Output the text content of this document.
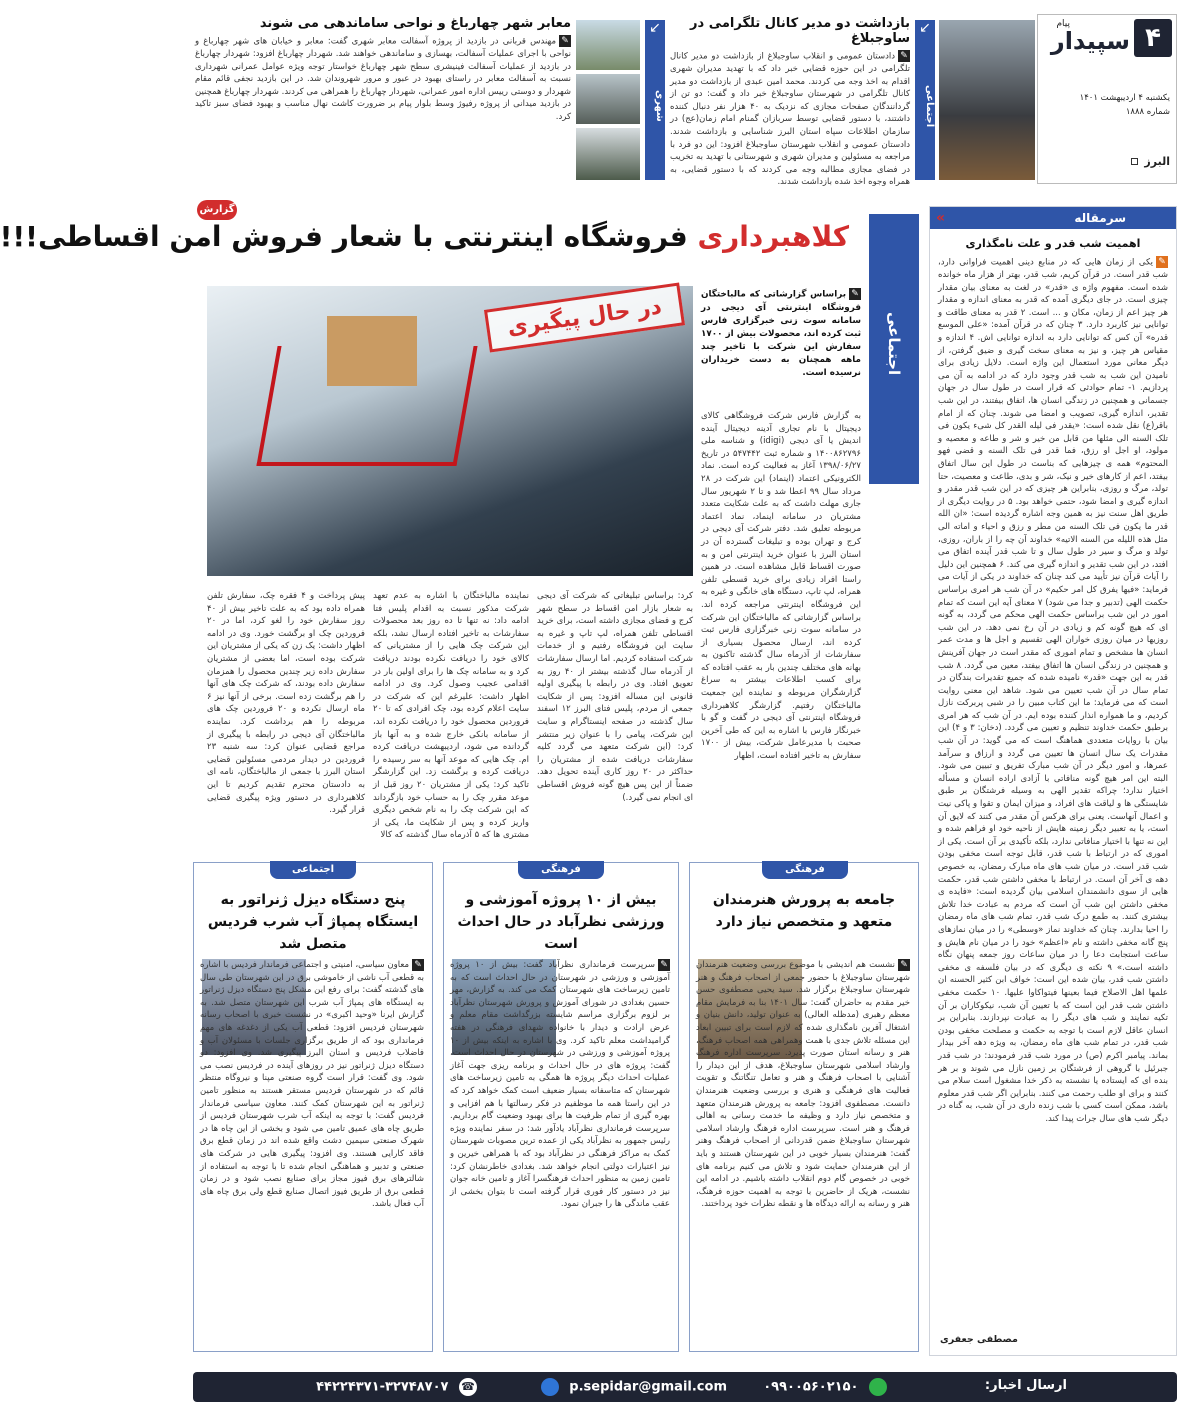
۴
پیام
سپیدار
یکشنبه ۴ اردیبهشت ۱۴۰۱
شماره ۱۸۸۸
البرز
↙
اجتماعی
بازداشت دو مدیر کانال تلگرامی در ساوجبلاغ
✎دادستان عمومی و انقلاب ساوجبلاغ از بازداشت دو مدیر کانال تلگرامی در این حوزه قضایی خبر داد که با تهدید مدیران شهری اقدام به اخذ وجه می کردند. محمد امین عبدی از بازداشت دو مدیر کانال تلگرامی در شهرستان ساوجبلاغ خبر داد و گفت: دو تن از گردانندگان صفحات مجازی که نزدیک به ۴۰ هزار نفر دنبال کننده داشتند، با دستور قضایی توسط سربازان گمنام امام زمان(عج) در سازمان اطلاعات سپاه استان البرز شناسایی و بازداشت شدند. دادستان عمومی و انقلاب شهرستان ساوجبلاغ افزود: این دو فرد با مراجعه به مسئولین و مدیران شهری و شهرستانی با تهدید به تخریب در فضای مجازی مطالبه وجه می کردند که با دستور قضایی، به همراه وجوه اخذ شده بازداشت شدند.
↙
شهری
معابر شهر چهارباغ و نواحی ساماندهی می شوند
✎مهندس قربانی در بازدید از پروژه آسفالت معابر شهری گفت: معابر و خیابان های شهر چهارباغ و نواحی با اجرای عملیات آسفالت، بهسازی و ساماندهی خواهند شد. شهردار چهارباغ افزود: شهردار چهارباغ در بازدید از عملیات آسفالت فینیشری سطح شهر چهارباغ خواستار توجه ویژه عوامل عمرانی شهرداری نسبت به آسفالت معابر در راستای بهبود در عبور و مرور شهروندان شد. در این بازدید نجفی قائم مقام شهردار و دوستی رییس اداره امور عمرانی، شهردار چهارباغ را همراهی می کردند. شهردار چهارباغ همچنین در بازدید میدانی از پروژه رفیوژ وسط بلوار پیام بر ضرورت کاشت نهال مناسب و بهبود فضای سبز تاکید کرد.
سرمقاله
»
اهمیت شب قدر و علت نامگذاری
✎یکی از زمان هایی که در منابع دینی اهمیت فراوانی دارد، شب قدر است. در قرآن کریم، شب قدر، بهتر از هزار ماه خوانده شده است. مفهوم واژه ی «قدر» در لغت به معنای بیان مقدار چیزی است. در جای دیگری آمده که قدر به معنای اندازه و مقدار هر چیز اعم از زمان، مکان و ... است. ۲ قدر به معنای طاقت و توانایی نیز کاربرد دارد. ۳ چنان که در قرآن آمده: «علی الموسع قدره» آن کس که توانایی دارد به اندازه توانایی اش. ۴ اندازه و مقیاس هر چیز، و نیز به معنای سخت گیری و ضیق گرفتن، از دیگر معانی مورد استعمال این واژه است. دلایل زیادی برای نامیدن این شب به شب قدر وجود دارد که در ادامه به آن می پردازیم. ۱- تمام حوادثی که قرار است در طول سال در جهان جسمانی و همچنین در زندگی انسان ها، اتفاق بیفتند، در این شب تقدیر، اندازه گیری، تصویب و امضا می شوند. چنان که از امام باقر(ع) نقل شده است: «یقدر فی لیله القدر کل شیء یکون فی تلک السنه الی مثلها من قابل من خیر و شر و طاعه و معصیه و مولود، او اجل او رزق، فما قدر فی تلک السنه و قضی فهو المحتوم» همه ی چیزهایی که بناست در طول این سال اتفاق بیفتد، اعم از کارهای خیر و نیک، شر و بدی، طاعت و معصیت، حتا تولد، مرگ و روزی، بنابراین هر چیزی که در این شب قدر مقدر و اندازه گیری و امضا شود، حتمی خواهد بود. ۵ در روایت دیگری از طریق اهل سنت نیز به همین وجه اشاره گردیده است: «ان الله قدر ما یکون فی تلک السنه من مطر و رزق و احیاء و اماته الی مثل هذه اللیله من السنه الاتیه» خداوند آن چه را از باران، روزی، تولد و مرگ و سیر در طول سال و تا شب قدر آینده اتفاق می افتد، در این شب تقدیر و اندازه گیری می کند. ۶ همچنین این دلیل را آیات قرآن نیز تأیید می کند چنان که خداوند در یکی از آیات می فرماید: «فیها یفرق کل امر حکیم» در آن شب هر امری براساس حکمت الهی (تدبیر و جدا می شود) ۷ معنای آیه این است که تمام امور در این شب براساس حکمت الهی محکم می گردد، به گونه ای که هیچ گونه کم و زیادی در آن رخ نمی دهد. در این شب روزیها در میان روزی خواران الهی تقسیم و اجل ها و مدت عمر انسان ها مشخص و تمام اموری که مقدر است در جهان آفرینش و همچنین در زندگی انسان ها اتفاق بیفتد، معین می گردد. ۸ شب قدر به این جهت «قدر» نامیده شده که جمیع تقدیرات بندگان در تمام سال در آن شب تعیین می شود. شاهد این معنی روایت است که می فرماید: ما این کتاب مبین را در شبی پربرکت نازل کردیم، و ما همواره انذار کننده بوده ایم. در آن شب که هر امری برطبق حکمت خداوند تنظیم و تعیین می گردد. (دخان: ۳ و ۴) این بیان با روایات متعددی هماهنگ است که می گوید: در آن شب مقدرات یک سال انسان ها تعیین می گردد و ارزاق و سرآمد عمرها، و امور دیگر در آن شب مبارک تفریق و تبیین می شود. البته این امر هیچ گونه منافاتی با آزادی اراده انسان و مسأله اختیار ندارد؛ چراکه تقدیر الهی به وسیله فرشتگان بر طبق شایستگی ها و لیاقت های افراد، و میزان ایمان و تقوا و پاکی نیت و اعمال آنهاست. یعنی برای هرکس آن مقدر می کنند که لایق آن است، یا به تعبیر دیگر زمینه هایش از ناحیه خود او فراهم شده و این نه تنها با اختیار منافاتی ندارد، بلکه تأکیدی بر آن است. یکی از اموری که در ارتباط با شب قدر، قابل توجه است مخفی بودن شب قدر است. در میان شب های ماه مبارک رمضان، به خصوص دهه ی آخر آن است. در ارتباط با مخفی داشتن شب قدر، حکمت هایی از سوی دانشمندان اسلامی بیان گردیده است: «فایده ی مخفی داشتن این شب آن است که مردم به عبادت خدا تلاش بیشتری کنند. به طمع درک شب قدر، تمام شب های ماه رمضان را احیا بدارند. چنان که خداوند نماز «وسطی» را در میان نمازهای پنج گانه مخفی داشته و نام «اعظم» خود را در میان نام هایش و ساعت استجابت دعا را در میان ساعات روز جمعه پنهان نگاه داشته است.» ۹ نکته ی دیگری که در بیان فلسفه ی مخفی داشتن شب قدر، بیان شده این است: خواف ابن کثیر الحسنه ان علمها اهل الاصلاح فیما بعینها فیتواکاوا علیها. ۱۰ حکمت مخفی داشتن شب قدر این است که با تعیین آن شب، نیکوکاران بر آن تکیه نمایند و شب های دیگر را به عبادت نپردازند. بنابراین بر انسان عاقل لازم است با توجه به حکمت و مصلحت مخفی بودن شب قدر، در تمام شب های ماه رمضان، به ویژه دهه آخر بیدار بماند. پیامبر اکرم (ص) در مورد شب قدر فرمودند: در شب قدر جبرئیل با گروهی از فرشتگان بر زمین نازل می شوند و بر هر بنده ای که ایستاده یا نشسته به ذکر خدا مشغول است سلام می کنند و برای او طلب رحمت می کنند. بنابراین اگر شب قدر معلوم باشد، ممکن است کسی با شب زنده داری در آن شب، به گناه در دیگر شب های سال جرات پیدا کند.
مصطفی جعفری
گزارش
کلاهبرداری فروشگاه اینترنتی با شعار فروش امن اقساطی!!!
اجتماعی
✎براساس گزارشاتی که مالباختگان فروشگاه اینترنتی آی دیجی در سامانه سوت زنی خبرگزاری فارس ثبت کرده اند، محصولات بیش از ۱۷۰۰ سفارش این شرکت با تاخیر چند ماهه همچنان به دست خریداران نرسیده است.
در حال پیگیری
به گزارش فارس شرکت فروشگاهی کالای دیجیتال با نام تجاری آدینه دیجیتال آینده اندیش یا آی دیجی (idigi) و شناسه ملی ۱۴۰۰۸۶۲۷۹۶ و شماره ثبت ۵۴۷۴۴۲ در تاریخ ۱۳۹۸/۰۶/۲۷ آغاز به فعالیت کرده است. نماد الکترونیکی اعتماد (اینماد) این شرکت در ۲۸ مرداد سال ۹۹ اعطا شد و تا ۲ شهریور سال جاری مهلت داشت که به علت شکایت متعدد مشتریان در سامانه اینماد، نماد اعتماد مربوطه تعلیق شد. دفتر شرکت آی دیجی در کرج و تهران بوده و تبلیغات گسترده آن در استان البرز با عنوان خرید اینترنتی امن و به صورت اقساط قابل مشاهده است. در همین راستا افراد زیادی برای خرید قسطی تلفن همراه، لپ تاپ، دستگاه های خانگی و غیره به این فروشگاه اینترنتی مراجعه کرده اند. براساس گزارشاتی که مالباختگان این شرکت در سامانه سوت زنی خبرگزاری فارس ثبت کرده اند، ارسال محصول بسیاری از سفارشات از آذرماه سال گذشته تاکنون به بهانه های مختلف چندین بار به عقب افتاده که برای کسب اطلاعات بیشتر به سراغ گزارشگران مربوطه و نماینده این جمعیت مالباختگان رفتیم. گزارشگر کلاهبرداری فروشگاه اینترنتی آی دیجی در گفت و گو با خبرنگار فارس با اشاره به این که طی آخرین صحبت با مدیرعامل شرکت، بیش از ۱۷۰۰ سفارش به تاخیر افتاده است، اظهار
کرد: براساس تبلیغاتی که شرکت آی دیجی به شعار بازار امن اقساط در سطح شهر کرج و فضای مجازی داشته است، برای خرید اقساطی تلفن همراه، لپ تاپ و غیره به سایت این فروشگاه رفتیم و از خدمات شرکت استفاده کردیم. اما ارسال سفارشات از آذرماه سال گذشته بیشتر از ۴۰ روز به تعویق افتاد. وی در رابطه با پیگیری اولیه قانونی این مساله افزود: پس از شکایت جمعی از مردم، پلیس فتای البرز ۱۲ اسفند سال گذشته در صفحه اینستاگرام و سایت این شرکت، پیامی را با عنوان زیر منتشر کرد: (این شرکت متعهد می گردد کلیه سفارشات دریافت شده از مشتریان را حداکثر در ۲۰ روز کاری آینده تحویل دهد. ضمناً از این پس هیچ گونه فروش اقساطی ای انجام نمی گیرد.)
نماینده مالباختگان با اشاره به عدم تعهد شرکت مذکور نسبت به اقدام پلیس فتا ادامه داد: نه تنها تا ده روز بعد محصولات سفارشات به تاخیر افتاده ارسال نشد، بلکه این شرکت چک هایی را از مشتریانی که کالای خود را دریافت نکرده بودند دریافت کرد و به سامانه چک ها را برای اولین بار در اقدامی عجیب وصول کرد. وی در ادامه اظهار داشت: علیرغم این که شرکت در سایت اعلام کرده بود، چک افرادی که تا ۲۰ فروردین محصول خود را دریافت نکرده اند، از سامانه بانکی خارج شده و به آنها باز گردانده می شود، اردیبهشت دریافت کرده ام. چک هایی که موعد آنها به سر رسیده را دریافت کرده و برگشت زد. این گزارشگر تاکید کرد: یکی از مشتریان ۲۰ روز قبل از موعد مقرر چک را به حساب خود بازگرداند که این شرکت چک را به نام شخص دیگری واریز کرده و پس از شکایت ما، یکی از مشتری ها که ۵ آذرماه سال گذشته که کالا
پیش پرداخت و ۴ فقره چک، سفارش تلفن همراه داده بود که به علت تاخیر بیش از ۴۰ روز سفارش خود را لغو کرد، اما در ۲۰ فروردین چک او برگشت خورد. وی در ادامه اظهار داشت: یک زن که یکی از مشتریان این شرکت بوده است، اما بعضی از مشتریان سفارش داده زیر چندین محصول را همزمان سفارش داده بودند، که شرکت چک های آنها را هم برگشت زده است. برخی از آنها نیز ۶ ماه ارسال نکرده و ۲۰ فروردین چک های مربوطه را هم برداشت کرد. نماینده مالباختگان آی دیجی در رابطه با پیگیری از مراجع قضایی عنوان کرد: سه شنبه ۲۳ فروردین در دیدار مردمی مسئولین قضایی استان البرز با جمعی از مالباختگان، نامه ای به دادستان محترم تقدیم کردیم تا این کلاهبرداری در دستور ویژه پیگیری قضایی قرار گیرد.
فرهنگی
جامعه به پرورش هنرمندان متعهد و متخصص نیاز دارد
✎
نشست هم اندیشی با موضوع بررسی وضعیت هنرمندان شهرستان ساوجبلاغ با حضور جمعی از اصحاب فرهنگ و هنر شهرستان ساوجبلاغ برگزار شد. سید یحیی مصطفوی حسن خیر مقدم به حاضران گفت: سال ۱۴۰۱ بنا به فرمایش مقام معظم رهبری (مدظله العالی) به عنوان تولید، دانش بنیان و اشتغال آفرین نامگذاری شده که لازم است برای تبیین ابعاد این مسئله تلاش جدی با همت وهمراهی همه اصحاب فرهنگ، هنر و رسانه استان صورت پذیرد. سرپرست اداره فرهنگ وارشاد اسلامی شهرستان ساوجبلاغ، هدف از این دیدار را آشنایی با اصحاب فرهنگ و هنر و تعامل تنگاتنگ و تقویت فعالیت های فرهنگی و هنری و بررسی وضعیت هنرمندان دانست. مصطفوی افزود: جامعه به پرورش هنرمندان متعهد و متخصص نیاز دارد و وظیفه ما خدمت رسانی به اهالی فرهنگ و هنر است. سرپرست اداره فرهنگ وارشاد اسلامی شهرستان ساوجبلاغ ضمن قدردانی از اصحاب فرهنگ وهنر گفت: هنرمندان بسیار خوبی در این شهرستان هستند و باید از این هنرمندان حمایت شود و تلاش می کنیم برنامه های خوبی در خصوص گام دوم انقلاب داشته باشیم. در ادامه این نشست، هریک از حاضرین با توجه به اهمیت حوزه فرهنگ، هنر و رسانه به ارائه دیدگاه ها و نقطه نظرات خود پرداختند.
فرهنگی
بیش از ۱۰ پروژه آموزشی و ورزشی نظرآباد در حال احداث است
✎
سرپرست فرمانداری نظرآباد گفت: بیش از ۱۰ پروژه آموزشی و ورزشی در شهرستان در حال احداث است که به تامین زیرساخت های شهرستان کمک می کند. به گزارش، مهر حسین بغدادی در شورای آموزش و پرورش شهرستان نظرآباد بر لزوم برگزاری مراسم شایسته بزرگداشت مقام معلم و عرض ارادت و دیدار با خانواده شهدای فرهنگی در هفته گرامیداشت معلم تاکید کرد. وی با اشاره به اینکه بیش از ۱۰ پروژه آموزشی و ورزشی در شهرستان در حال احداث است، گفت: پروژه های در حال احداث و برنامه ریزی جهت آغاز عملیات احداث دیگر پروژه ها همگی به تامین زیرساخت های شهرستان که متاسفانه بسیار ضعیف است کمک خواهد کرد که در این راستا همه ما موظفیم در فکر رسالتها با هم افزایی و بهره گیری از تمام ظرفیت ها برای بهبود وضعیت گام برداریم. سرپرست فرمانداری نظرآباد یادآور شد: در سفر نماینده ویژه رئیس جمهور به نظرآباد یکی از عمده ترین مصوبات شهرستان کمک به مراکز فرهنگی در نظرآباد بود که با همراهی خیرین و نیز اعتبارات دولتی انجام خواهد شد. بغدادی خاطرنشان کرد: تامین زمین به منظور احداث فرهنگسرا آغاز و تامین خانه جوان نیز در دستور کار فوری قرار گرفته است تا بتوان بخشی از عقب ماندگی ها را جبران نمود.
اجتماعی
پنج دستگاه دیزل ژنراتور به ایستگاه پمپاژ آب شرب فردیس متصل شد
✎
معاون سیاسی، امنیتی و اجتماعی فرماندار فردیس با اشاره به قطعی آب ناشی از خاموشی برق در این شهرستان طی سال های گذشته گفت: برای رفع این مشکل پنج دستگاه دیزل ژنراتور به ایستگاه های پمپاژ آب شرب این شهرستان متصل شد. به گزارش ایرنا «وحید اکبری» در نشست خبری با اصحاب رسانه شهرستان فردیس افزود: قطعی آب یکی از دغدغه های مهم فرمانداری بود که از طریق برگزاری جلسات با مسئولان آب و فاضلاب فردیس و استان البرز پیگیری شد. وی افزود: دو دستگاه دیزل ژنراتور نیز در روزهای آینده در فردیس نصب می شود. وی گفت: قرار است گروه صنعتی مپنا و نیروگاه منتظر قائم که در شهرستان فردیس مستقر هستند به منظور تامین ژنراتور به این شهرستان کمک کنند. معاون سیاسی فرماندار فردیس گفت: با توجه به اینکه آب شرب شهرستان فردیس از طریق چاه های عمیق تامین می شود و بخشی از این چاه ها در شهرک صنعتی سیمین دشت واقع شده اند در زمان قطع برق فاقد کارایی هستند. وی افزود: پیگیری هایی در شرکت های صنعتی و تدبیر و هماهنگی انجام شده تا با توجه به استفاده از شالترهای برق فیوز مجاز برای صنایع نصب شود و در زمان قطعی برق از طریق فیوز اتصال صنایع قطع ولی برق چاه های آب فعال باشد.
ارسال اخبار:
۰۹۹۰۰۵۶۰۲۱۵۰
p.sepidar@gmail.com
☎ ۴۴۲۲۴۳۷۱-۳۲۷۴۸۷۰۷
